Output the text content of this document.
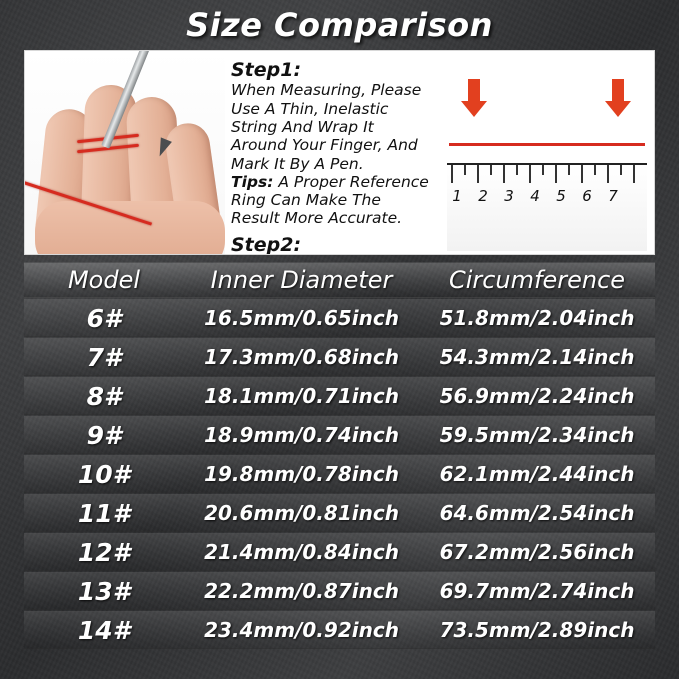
Size Comparison
Step1:
When Measuring, Please Use A Thin, Inelastic String And Wrap It Around Your Finger, And Mark It By A Pen.
Tips: A Proper Reference Ring Can Make The Result More Accurate.
Step2:
1 2 3 4 5 6 7
Model	Inner Diameter	Circumference
6#	16.5mm/0.65inch	51.8mm/2.04inch
7#	17.3mm/0.68inch	54.3mm/2.14inch
8#	18.1mm/0.71inch	56.9mm/2.24inch
9#	18.9mm/0.74inch	59.5mm/2.34inch
10#	19.8mm/0.78inch	62.1mm/2.44inch
11#	20.6mm/0.81inch	64.6mm/2.54inch
12#	21.4mm/0.84inch	67.2mm/2.56inch
13#	22.2mm/0.87inch	69.7mm/2.74inch
14#	23.4mm/0.92inch	73.5mm/2.89inch
